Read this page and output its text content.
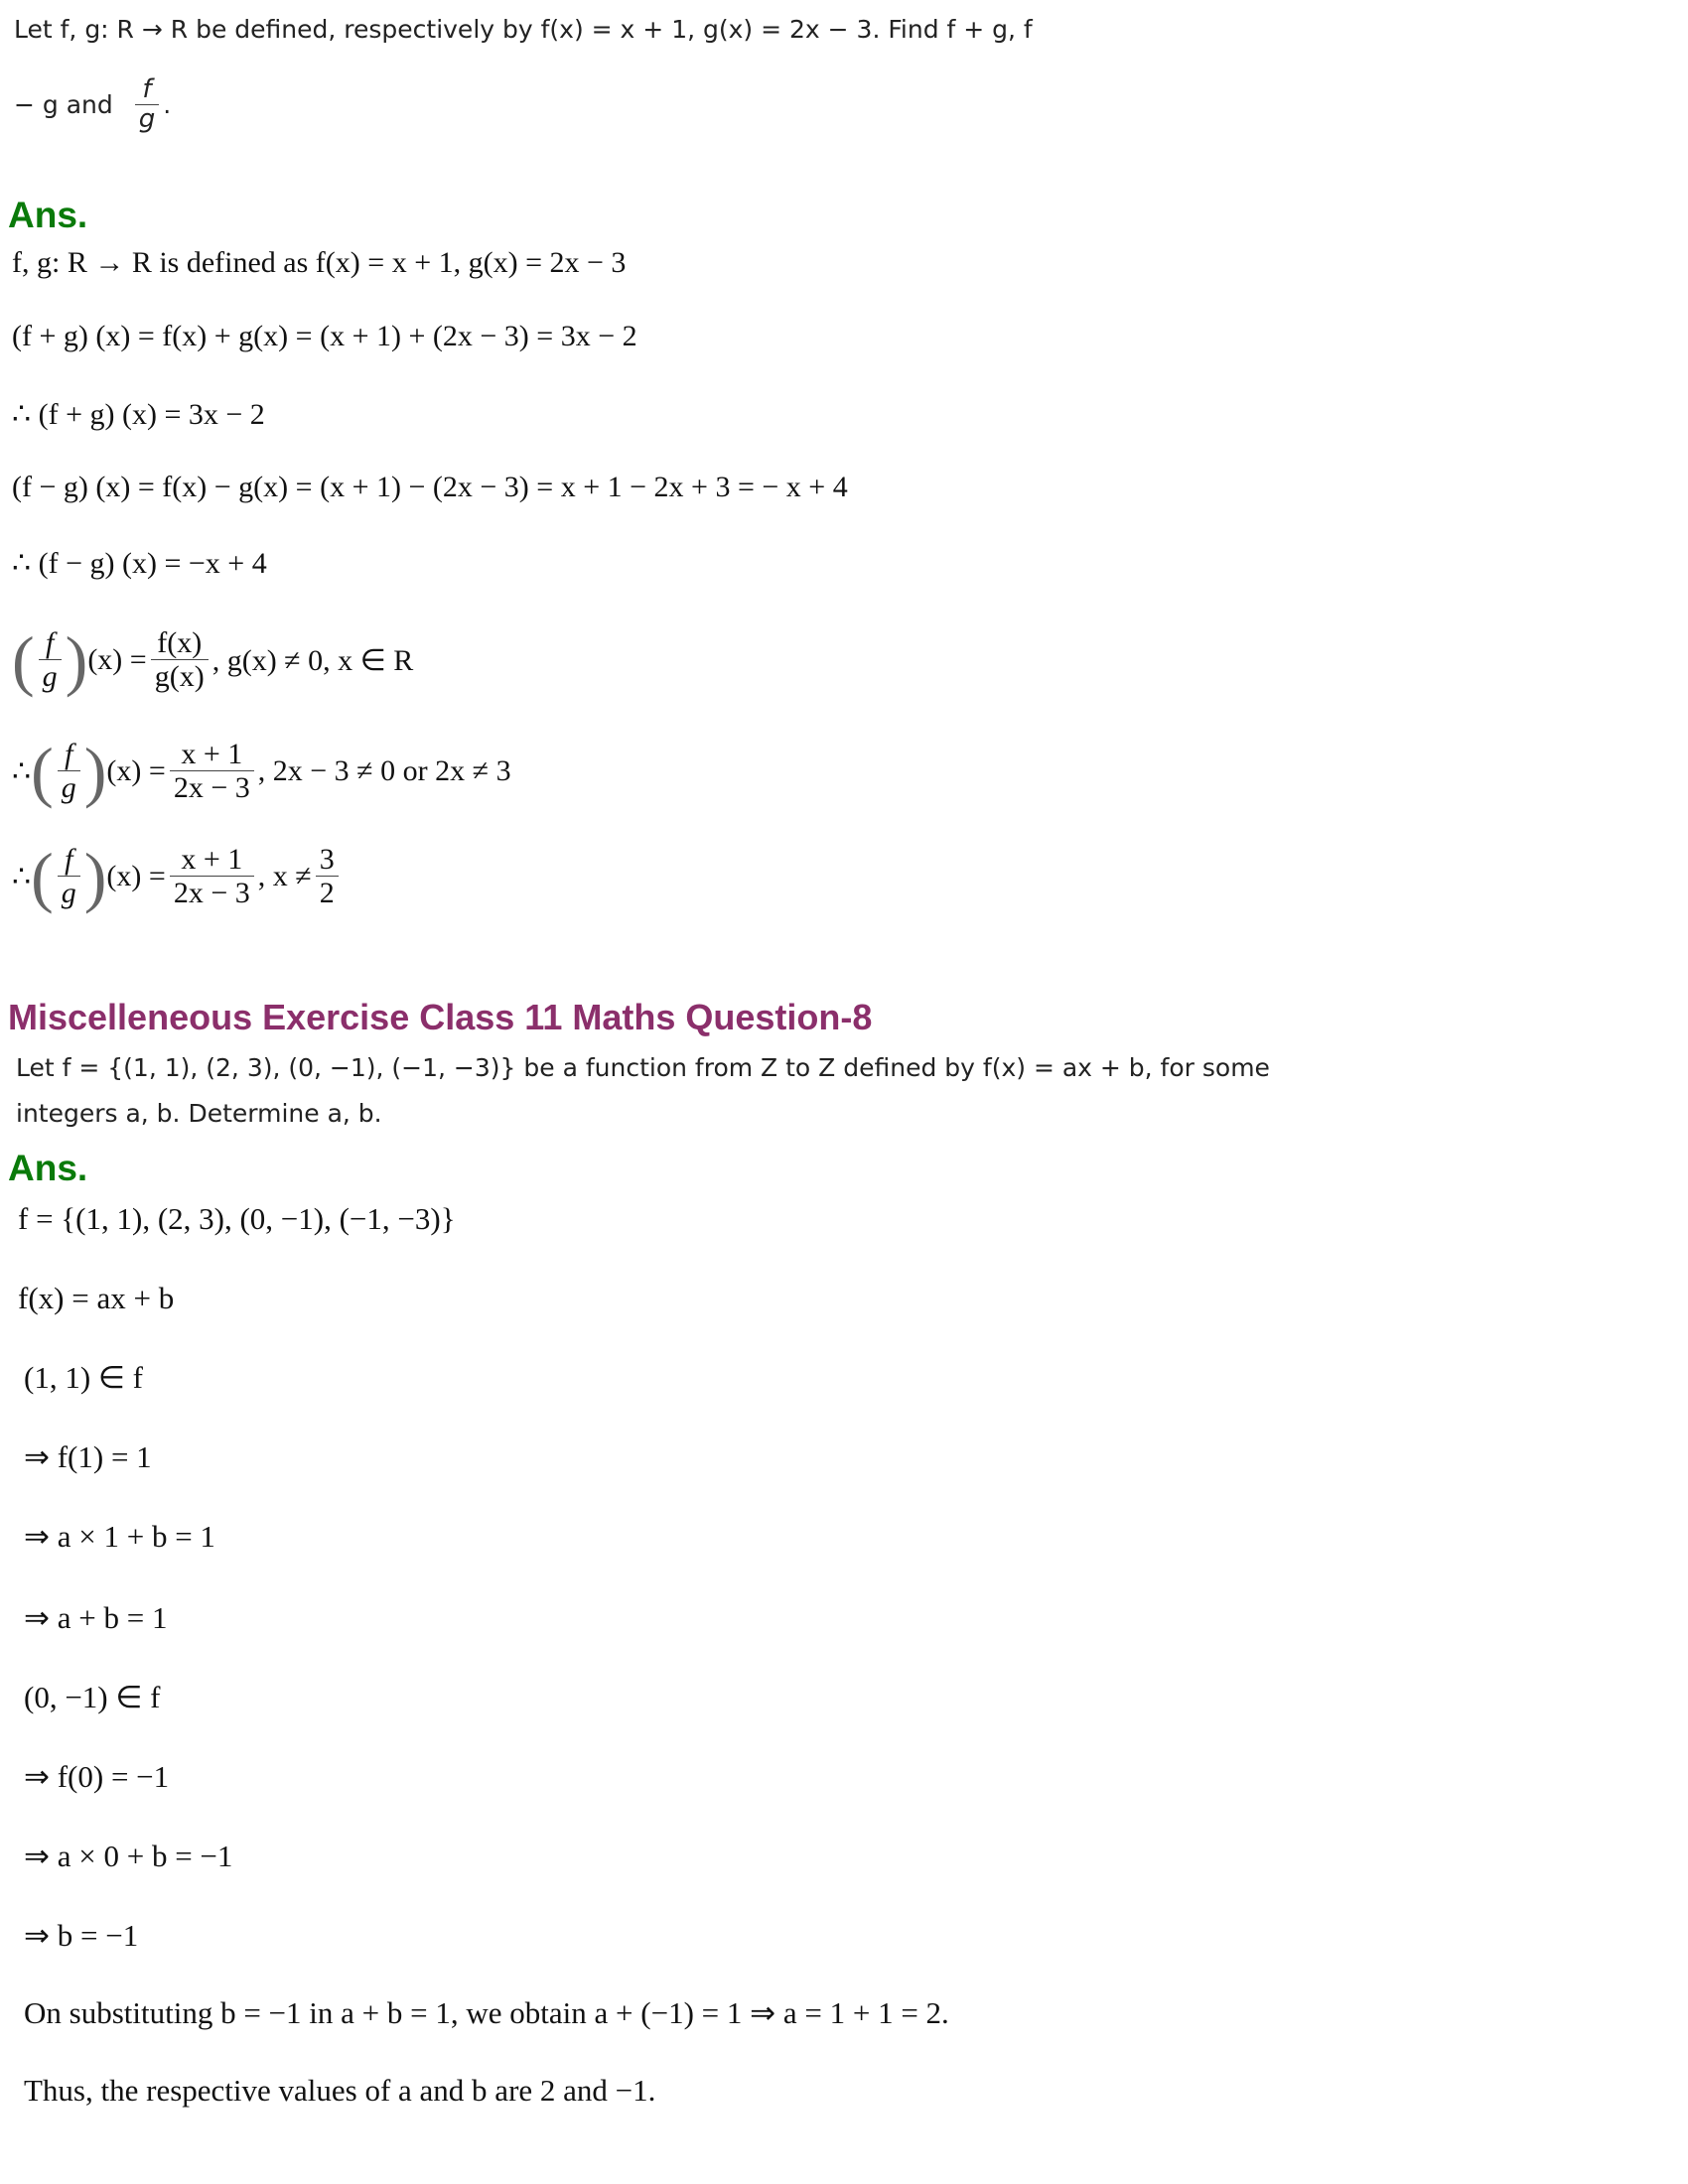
Let f, g: R → R be defined, respectively by f(x) = x + 1, g(x) = 2x − 3. Find f + g, f
− g and $\frac{f}{g}$ .
Ans.
f, g: R → R is defined as f(x) = x + 1, g(x) = 2x − 3
(f + g) (x) = f(x) + g(x) = (x + 1) + (2x − 3) = 3x − 2
∴ (f + g) (x) = 3x − 2
(f − g) (x) = f(x) − g(x) = (x + 1) − (2x − 3) = x + 1 − 2x + 3 = − x + 4
∴ (f − g) (x) = −x + 4
( $\frac{f}{g}$ ) $(x) = \frac{f(x)}{g(x)}$ , g(x) ≠ 0, x ∈ R
∴ ( $\frac{f}{g}$ ) $(x) = \frac{x + 1}{2x - 3}$ , 2x − 3 ≠ 0 or 2x ≠ 3
∴ ( $\frac{f}{g}$ ) $(x) = \frac{x + 1}{2x - 3}$ , $x \ne \frac{3}{2}$
Miscelleneous Exercise Class 11 Maths Question-8
Let f = {(1, 1), (2, 3), (0, −1), (−1, −3)} be a function from Z to Z defined by f(x) = ax + b, for some
integers a, b. Determine a, b.
Ans.
f = {(1, 1), (2, 3), (0, −1), (−1, −3)}
f(x) = ax + b
(1, 1) ∈ f
⇒ f(1) = 1
⇒ a × 1 + b = 1
⇒ a + b = 1
(0, −1) ∈ f
⇒ f(0) = −1
⇒ a × 0 + b = −1
⇒ b = −1
On substituting b = −1 in a + b = 1, we obtain a + (−1) = 1 ⇒ a = 1 + 1 = 2.
Thus, the respective values of a and b are 2 and −1.
